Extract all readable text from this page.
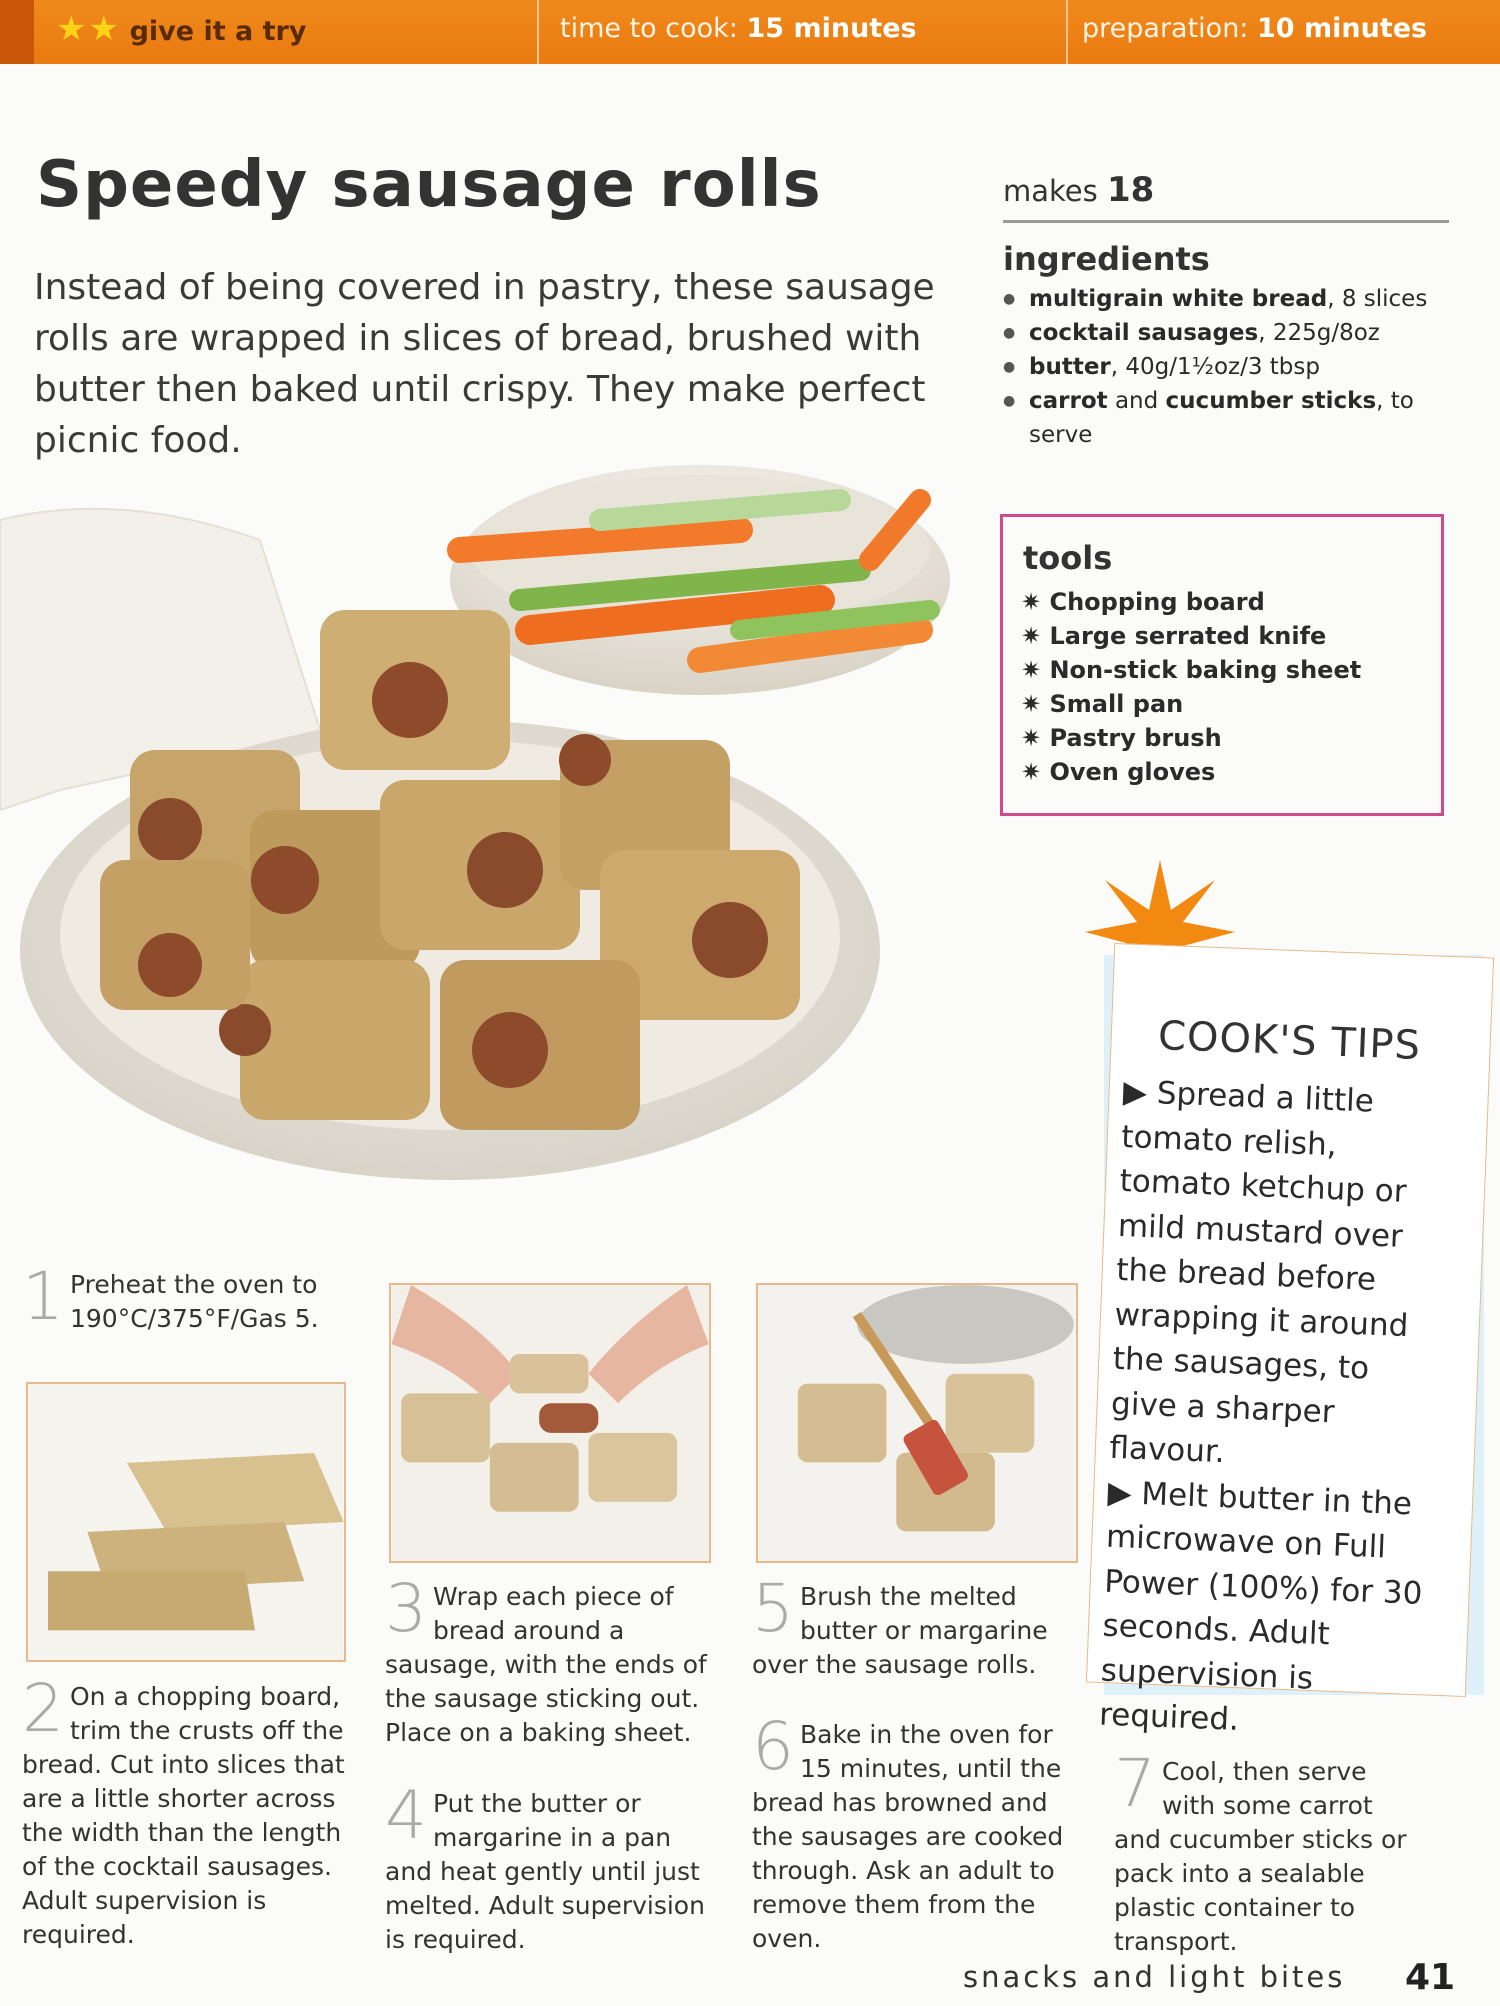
★★ give it a try	time to cook: 15 minutes	preparation: 10 minutes
Speedy sausage rolls
Instead of being covered in pastry, these sausage rolls are wrapped in slices of bread, brushed with butter then baked until crispy. They make perfect picnic food.
makes 18
ingredients
● multigrain white bread, 8 slices
● cocktail sausages, 225g/8oz
● butter, 40g/1½oz/3 tbsp
● carrot and cucumber sticks, to serve
tools
✷ Chopping board
✷ Large serrated knife
✷ Non-stick baking sheet
✷ Small pan
✷ Pastry brush
✷ Oven gloves
COOK'S TIPS

▶ Spread a little tomato relish, tomato ketchup or mild mustard over the bread before wrapping it around the sausages, to give a sharper flavour.

▶ Melt butter in the microwave on Full Power (100%) for 30 seconds. Adult supervision is required.

1 Preheat the oven to 190°C/375°F/Gas 5.
2 On a chopping board, trim the crusts off the bread. Cut into slices that are a little shorter across the width than the length of the cocktail sausages. Adult supervision is required.
3 Wrap each piece of bread around a sausage, with the ends of the sausage sticking out. Place on a baking sheet.
4 Put the butter or margarine in a pan and heat gently until just melted. Adult supervision is required.
5 Brush the melted butter or margarine over the sausage rolls.
6 Bake in the oven for 15 minutes, until the bread has browned and the sausages are cooked through. Ask an adult to remove them from the oven.
7 Cool, then serve with some carrot and cucumber sticks or pack into a sealable plastic container to transport.
snacks and light bites 41
